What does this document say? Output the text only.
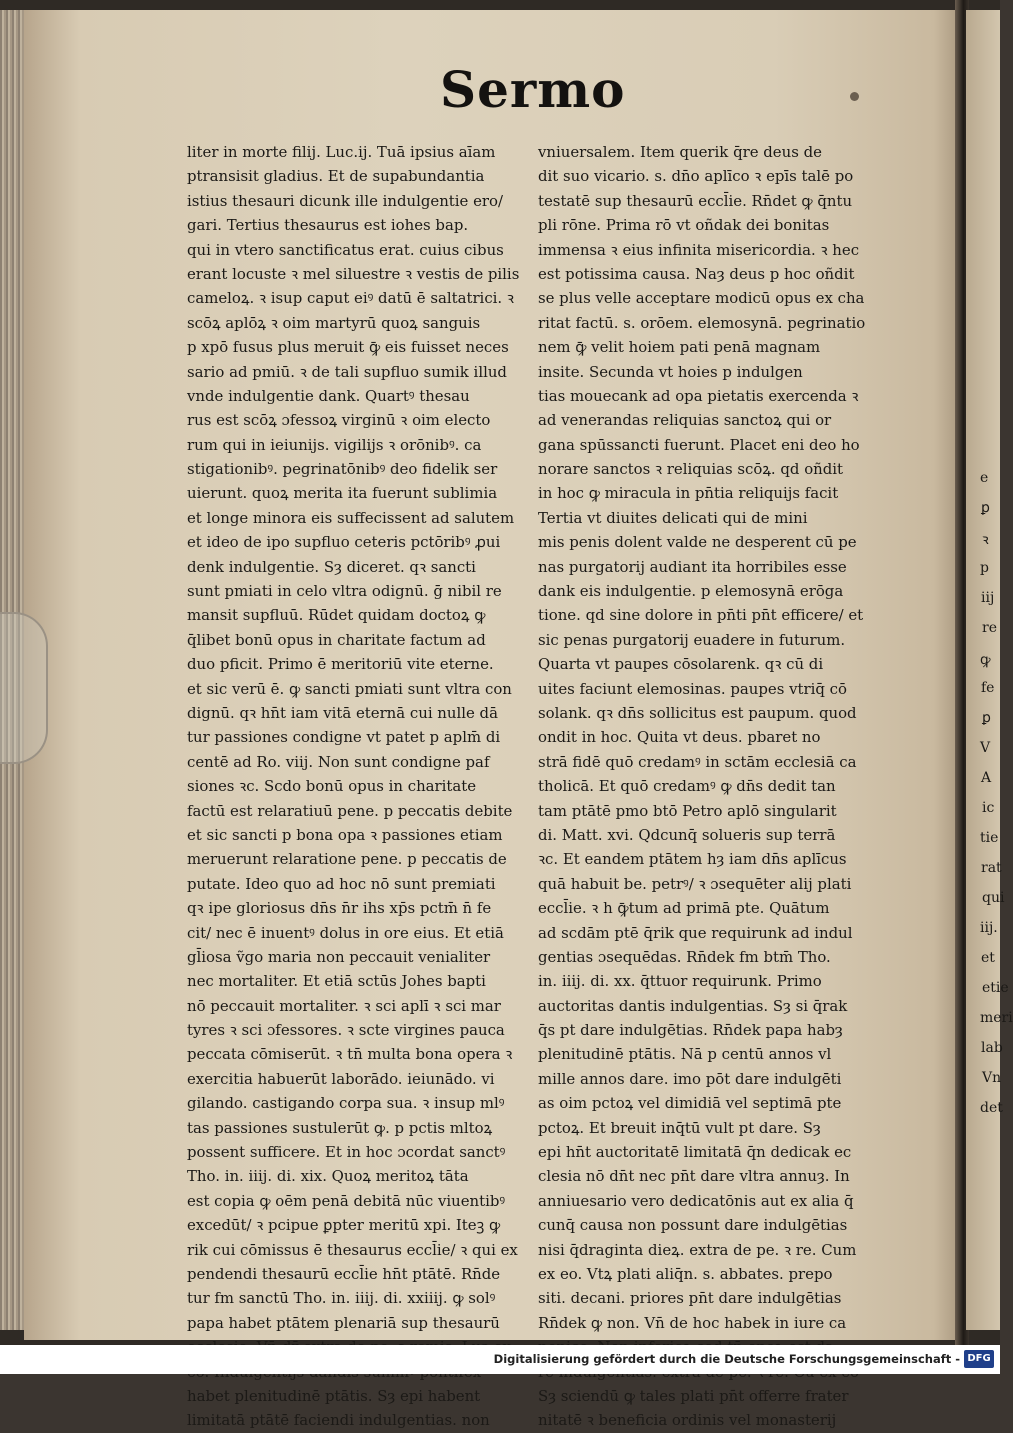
e
ꝑ
ꝛ
p
iij
re
ꝙ
fe
ꝑ
V
A
ic
tie
rat
qui
iij.
et
etie
meri
lab
Vn
det
Sermo
liter in morte filij. Luc.ij. Tuā ipsius aīam
ptransisit gladius. Et de supabundantia
istius thesauri dicunk ille indulgentie ero/
gari. Tertius thesaurus est iohes bap.
qui in vtero sanctificatus erat. cuius cibus
erant locuste ꝛ mel siluestre ꝛ vestis de pilis
cameloꝝ. ꝛ isup caput eiꝰ datū ē saltatrici. ꝛ
scōꝝ aplōꝝ ꝛ oim martyrū quoꝝ sanguis
p xpō fusus plus meruit ꝙ̄ eis fuisset neces
sario ad pmiū. ꝛ de tali supfluo sumik illud
vnde indulgentie dank. Quartꝰ thesau
rus est scōꝝ ɔfessoꝝ virginū ꝛ oim electo
rum qui in ieiunijs. vigilijs ꝛ orōnibꝰ. ca
stigationibꝰ. pegrinatōnibꝰ deo fidelik ser
uierunt. quoꝝ merita ita fuerunt sublimia
et longe minora eis suffecissent ad salutem
et ideo de ipo supfluo ceteris pctōribꝰ ꝓui
denk indulgentie. Sȝ diceret. qꝛ sancti
sunt pmiati in celo vltra odignū. ḡ nibil re
mansit supfluū. Rūdet quidam doctoꝝ ꝙ
q̄libet bonū opus in charitate factum ad
duo pficit. Primo ē meritoriū vite eterne.
et sic verū ē. ꝙ sancti pmiati sunt vltra con
dignū. qꝛ hn̄t iam vitā eternā cui nulle dā
tur passiones condigne vt patet p aplm̄ di
centē ad Ro. viij. Non sunt condigne paf
siones ꝛc. Scdo bonū opus in charitate
factū est relaratiuū pene. p peccatis debite
et sic sancti p bona opa ꝛ passiones etiam
meruerunt relaratione pene. p peccatis de
putate. Ideo quo ad hoc nō sunt premiati
qꝛ ipe gloriosus dn̄s n̄r ihs xp̄s pctm̄ n̄ fe
cit/ nec ē inuentꝰ dolus in ore eius. Et etiā
gl̄iosa ṽgo maria non peccauit venialiter
nec mortaliter. Et etiā sctūs Johes bapti
nō peccauit mortaliter. ꝛ sci aplī ꝛ sci mar
tyres ꝛ sci ɔfessores. ꝛ scte virgines pauca
peccata cōmiserūt. ꝛ tn̄ multa bona opera ꝛ
exercitia habuerūt laborādo. ieiunādo. vi
gilando. castigando corpa sua. ꝛ insup mlꝰ
tas passiones sustulerūt ꝙ. p pctis mltoꝝ
possent sufficere. Et in hoc ɔcordat sanctꝰ
Tho. in. iiij. di. xix. Quoꝝ meritoꝝ tāta
est copia ꝙ oēm penā debitā nūc viuentibꝰ
excedūt/ ꝛ pcipue ꝑpter meritū xpi. Iteꝫ ꝙ
rik cui cōmissus ē thesaurus eccl̄ie/ ꝛ qui ex
pendendi thesaurū eccl̄ie hn̄t ptātē. Rn̄de
tur fm sanctū Tho. in. iiij. di. xxiiij. ꝙ solꝰ
papa habet ptātem plenariā sup thesaurū
habet plenitudinē ptātis. Sȝ epi habent
limitatā ptātē faciendi indulgentias. non
vniuersalem. Item querik q̄re deus de
dit suo vicario. s. dn̄o aplīco ꝛ epīs talē po
testatē sup thesaurū eccl̄ie. Rn̄det ꝙ q̄ntu
pli rōne. Prima rō vt oñdak dei bonitas
immensa ꝛ eius infinita misericordia. ꝛ hec
est potissima causa. Naȝ deus p hoc oñdit
se plus velle acceptare modicū opus ex cha
ritat factū. s. orōem. elemosynā. pegrinatio
nem ꝙ̄ velit hoiem pati penā magnam
insite. Secunda vt hoies p indulgen
tias mouecank ad opa pietatis exercenda ꝛ
ad venerandas reliquias sanctoꝝ qui or
gana spūssancti fuerunt. Placet eni deo ho
norare sanctos ꝛ reliquias scōꝝ. qd oñdit
in hoc ꝙ miracula in pn̄tia reliquijs facit
Tertia vt diuites delicati qui de mini
mis penis dolent valde ne desperent cū pe
nas purgatorij audiant ita horribiles esse
dank eis indulgentie. p elemosynā erōga
tione. qd sine dolore in pn̄ti pn̄t efficere/ et
sic penas purgatorij euadere in futurum.
Quarta vt paupes cōsolarenk. qꝛ cū di
uites faciunt elemosinas. paupes vtriq̄ cō
solank. qꝛ dn̄s sollicitus est paupum. quod
ondit in hoc. Quita vt deus. pbaret no
strā fidē quō credamꝰ in sctām ecclesiā ca
tholicā. Et quō credamꝰ ꝙ dn̄s dedit tan
tam ptātē pmo btō Petro aplō singularit
di. Matt. xvi. Qdcunq̄ solueris sup terrā
ꝛc. Et eandem ptātem hȝ iam dn̄s aplīcus
quā habuit be. petrꝰ/ ꝛ ɔsequēter alij plati
eccl̄ie. ꝛ h ꝙ̄tum ad primā pte. Quātum
ad scdām ptē q̄rik que requirunk ad indul
gentias ɔsequēdas. Rn̄dek fm btm̄ Tho.
in. iiij. di. xx. q̄ttuor requirunk. Primo
auctoritas dantis indulgentias. Sȝ si q̄rak
q̄s pt dare indulgētias. Rn̄dek papa habȝ
plenitudinē ptātis. Nā p centū annos vl
mille annos dare. imo pōt dare indulgēti
as oim pctoꝝ vel dimidiā vel septimā pte
pctoꝝ. Et breuit inq̄tū vult pt dare. Sȝ
epi hn̄t auctoritatē limitatā q̄n dedicak ec
clesia nō dn̄t nec pn̄t dare vltra annuȝ. In
anniuesario vero dedicatōnis aut ex alia q̄
cunq̄ causa non possunt dare indulgētias
nisi q̄draginta dieꝝ. extra de pe. ꝛ re. Cum
ex eo. Vtꝝ plati aliq̄n. s. abbates. prepo
siti. decani. priores pn̄t dare indulgētias
Rn̄dek ꝙ non. Vn̄ de hoc habek in iure ca
Sȝ sciendū ꝙ tales plati pn̄t offerre frater
nitatē ꝛ beneficia ordinis vel monasterij
Digitalisierung gefördert durch die Deutsche Forschungsgemeinschaft - DFG
